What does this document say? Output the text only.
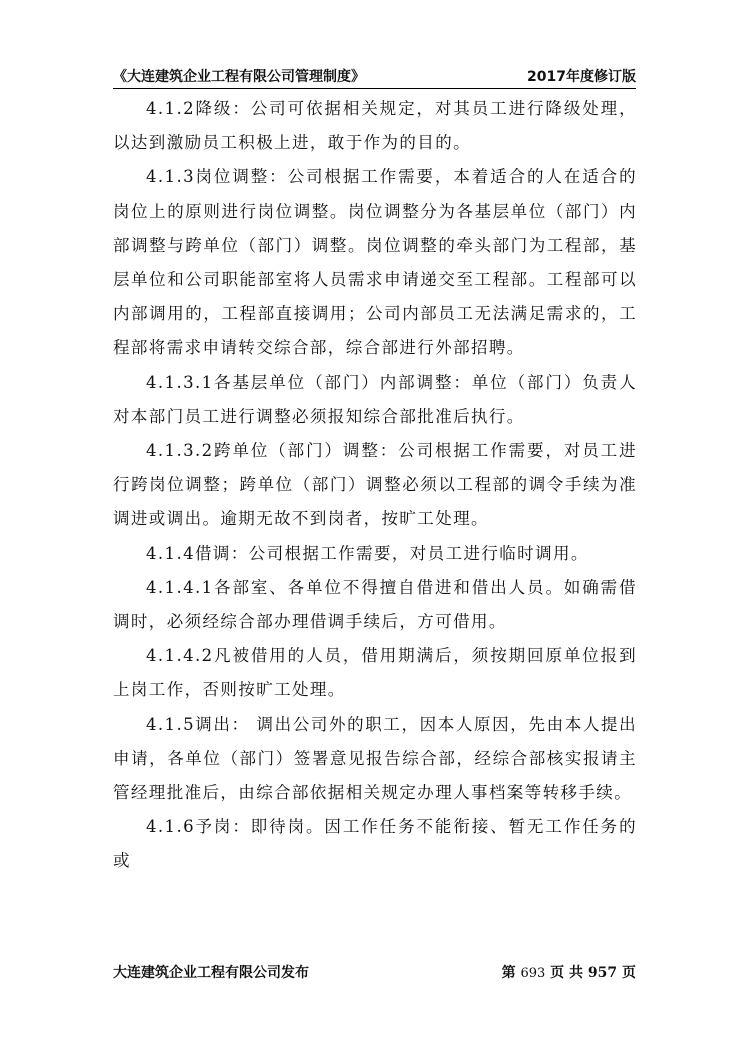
《大连建筑企业工程有限公司管理制度》	2017年度修订版

4.1.2降级：公司可依据相关规定，对其员工进行降级处理，以达到激励员工积极上进，敢于作为的目的。

4.1.3岗位调整：公司根据工作需要，本着适合的人在适合的岗位上的原则进行岗位调整。岗位调整分为各基层单位（部门）内部调整与跨单位（部门）调整。岗位调整的牵头部门为工程部，基层单位和公司职能部室将人员需求申请递交至工程部。工程部可以内部调用的，工程部直接调用；公司内部员工无法满足需求的，工程部将需求申请转交综合部，综合部进行外部招聘。

4.1.3.1各基层单位（部门）内部调整：单位（部门）负责人对本部门员工进行调整必须报知综合部批准后执行。

4.1.3.2跨单位（部门）调整：公司根据工作需要，对员工进行跨岗位调整；跨单位（部门）调整必须以工程部的调令手续为准调进或调出。逾期无故不到岗者，按旷工处理。

4.1.4借调：公司根据工作需要，对员工进行临时调用。

4.1.4.1各部室、各单位不得擅自借进和借出人员。如确需借调时，必须经综合部办理借调手续后，方可借用。

4.1.4.2凡被借用的人员，借用期满后，须按期回原单位报到上岗工作，否则按旷工处理。

4.1.5调出： 调出公司外的职工，因本人原因，先由本人提出申请，各单位（部门）签署意见报告综合部，经综合部核实报请主管经理批准后，由综合部依据相关规定办理人事档案等转移手续。

4.1.6予岗：即待岗。因工作任务不能衔接、暂无工作任务的或

大连建筑企业工程有限公司发布	第 693 页 共 957 页
